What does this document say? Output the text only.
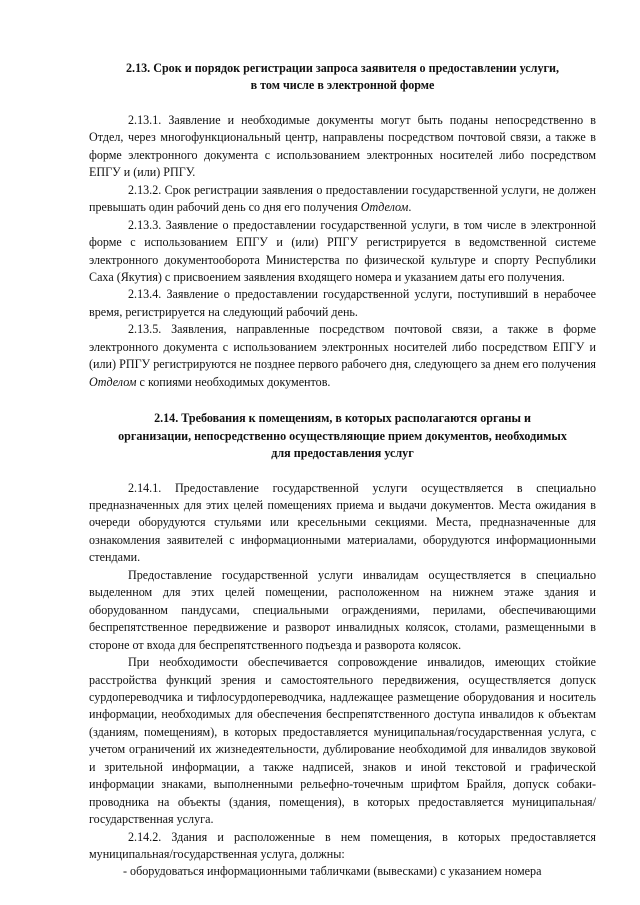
2.13. Срок и порядок регистрации запроса заявителя о предоставлении услуги,
в том числе в электронной форме

2.13.1. Заявление и необходимые документы могут быть поданы непосредственно в Отдел, через многофункциональный центр, направлены посредством почтовой связи, а также в форме электронного документа с использованием электронных носителей либо посредством ЕПГУ и (или) РПГУ.

2.13.2. Срок регистрации заявления о предоставлении государственной услуги, не должен превышать один рабочий день со дня его получения Отделом.

2.13.3. Заявление о предоставлении государственной услуги, в том числе в электронной форме с использованием ЕПГУ и (или) РПГУ регистрируется в ведомственной системе электронного документооборота Министерства по физической культуре и спорту Республики Саха (Якутия) с присвоением заявления входящего номера и указанием даты его получения.

2.13.4. Заявление о предоставлении государственной услуги, поступивший в нерабочее время, регистрируется на следующий рабочий день.

2.13.5. Заявления, направленные посредством почтовой связи, а также в форме электронного документа с использованием электронных носителей либо посредством ЕПГУ и (или) РПГУ регистрируются не позднее первого рабочего дня, следующего за днем его получения Отделом с копиями необходимых документов.

2.14. Требования к помещениям, в которых располагаются органы и
организации, непосредственно осуществляющие прием документов, необходимых
для предоставления услуг

2.14.1. Предоставление государственной услуги осуществляется в специально предназначенных для этих целей помещениях приема и выдачи документов. Места ожидания в очереди оборудуются стульями или кресельными секциями. Места, предназначенные для ознакомления заявителей с информационными материалами, оборудуются информационными стендами.

Предоставление государственной услуги инвалидам осуществляется в специально выделенном для этих целей помещении, расположенном на нижнем этаже здания и оборудованном пандусами, специальными ограждениями, перилами, обеспечивающими беспрепятственное передвижение и разворот инвалидных колясок, столами, размещенными в стороне от входа для беспрепятственного подъезда и разворота колясок.

При необходимости обеспечивается сопровождение инвалидов, имеющих стойкие расстройства функций зрения и самостоятельного передвижения, осуществляется допуск сурдопереводчика и тифлосурдопереводчика, надлежащее размещение оборудования и носитель информации, необходимых для обеспечения беспрепятственного доступа инвалидов к объектам (зданиям, помещениям), в которых предоставляется муниципальная/государственная услуга, с учетом ограничений их жизнедеятельности, дублирование необходимой для инвалидов звуковой и зрительной информации, а также надписей, знаков и иной текстовой и графической информации знаками, выполненными рельефно-точечным шрифтом Брайля, допуск собаки-проводника на объекты (здания, помещения), в которых предоставляется муниципальная/государственная услуга.

2.14.2. Здания и расположенные в нем помещения, в которых предоставляется муниципальная/государственная услуга, должны:

- оборудоваться информационными табличками (вывесками) с указанием номера
